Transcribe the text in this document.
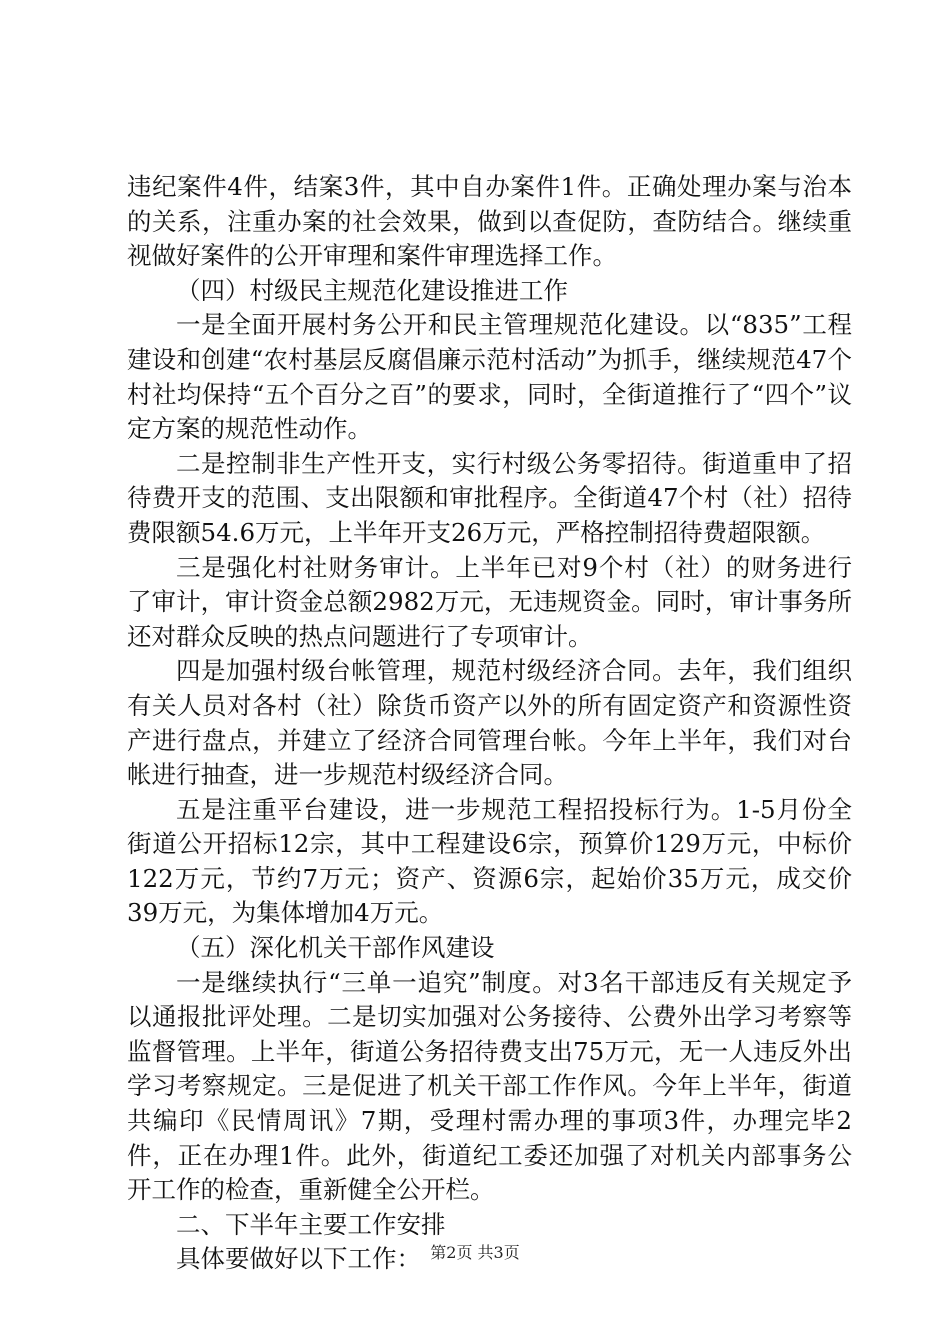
违纪案件4件，结案3件，其中自办案件1件。正确处理办案与治本的关系，注重办案的社会效果，做到以查促防，查防结合。继续重视做好案件的公开审理和案件审理选择工作。

（四）村级民主规范化建设推进工作

一是全面开展村务公开和民主管理规范化建设。以“835”工程建设和创建“农村基层反腐倡廉示范村活动”为抓手，继续规范47个村社均保持“五个百分之百”的要求，同时，全街道推行了“四个”议定方案的规范性动作。

二是控制非生产性开支，实行村级公务零招待。街道重申了招待费开支的范围、支出限额和审批程序。全街道47个村（社）招待费限额54.6万元，上半年开支26万元，严格控制招待费超限额。

三是强化村社财务审计。上半年已对9个村（社）的财务进行了审计，审计资金总额2982万元，无违规资金。同时，审计事务所还对群众反映的热点问题进行了专项审计。

四是加强村级台帐管理，规范村级经济合同。去年，我们组织有关人员对各村（社）除货币资产以外的所有固定资产和资源性资产进行盘点，并建立了经济合同管理台帐。今年上半年，我们对台帐进行抽查，进一步规范村级经济合同。

五是注重平台建设，进一步规范工程招投标行为。1-5月份全街道公开招标12宗，其中工程建设6宗，预算价129万元，中标价122万元，节约7万元；资产、资源6宗，起始价35万元，成交价39万元，为集体增加4万元。

（五）深化机关干部作风建设

一是继续执行“三单一追究”制度。对3名干部违反有关规定予以通报批评处理。二是切实加强对公务接待、公费外出学习考察等监督管理。上半年，街道公务招待费支出75万元，无一人违反外出学习考察规定。三是促进了机关干部工作作风。今年上半年，街道共编印《民情周讯》7期，受理村需办理的事项3件，办理完毕2件，正在办理1件。此外，街道纪工委还加强了对机关内部事务公开工作的检查，重新健全公开栏。

二、下半年主要工作安排

具体要做好以下工作： 第2页 共3页
